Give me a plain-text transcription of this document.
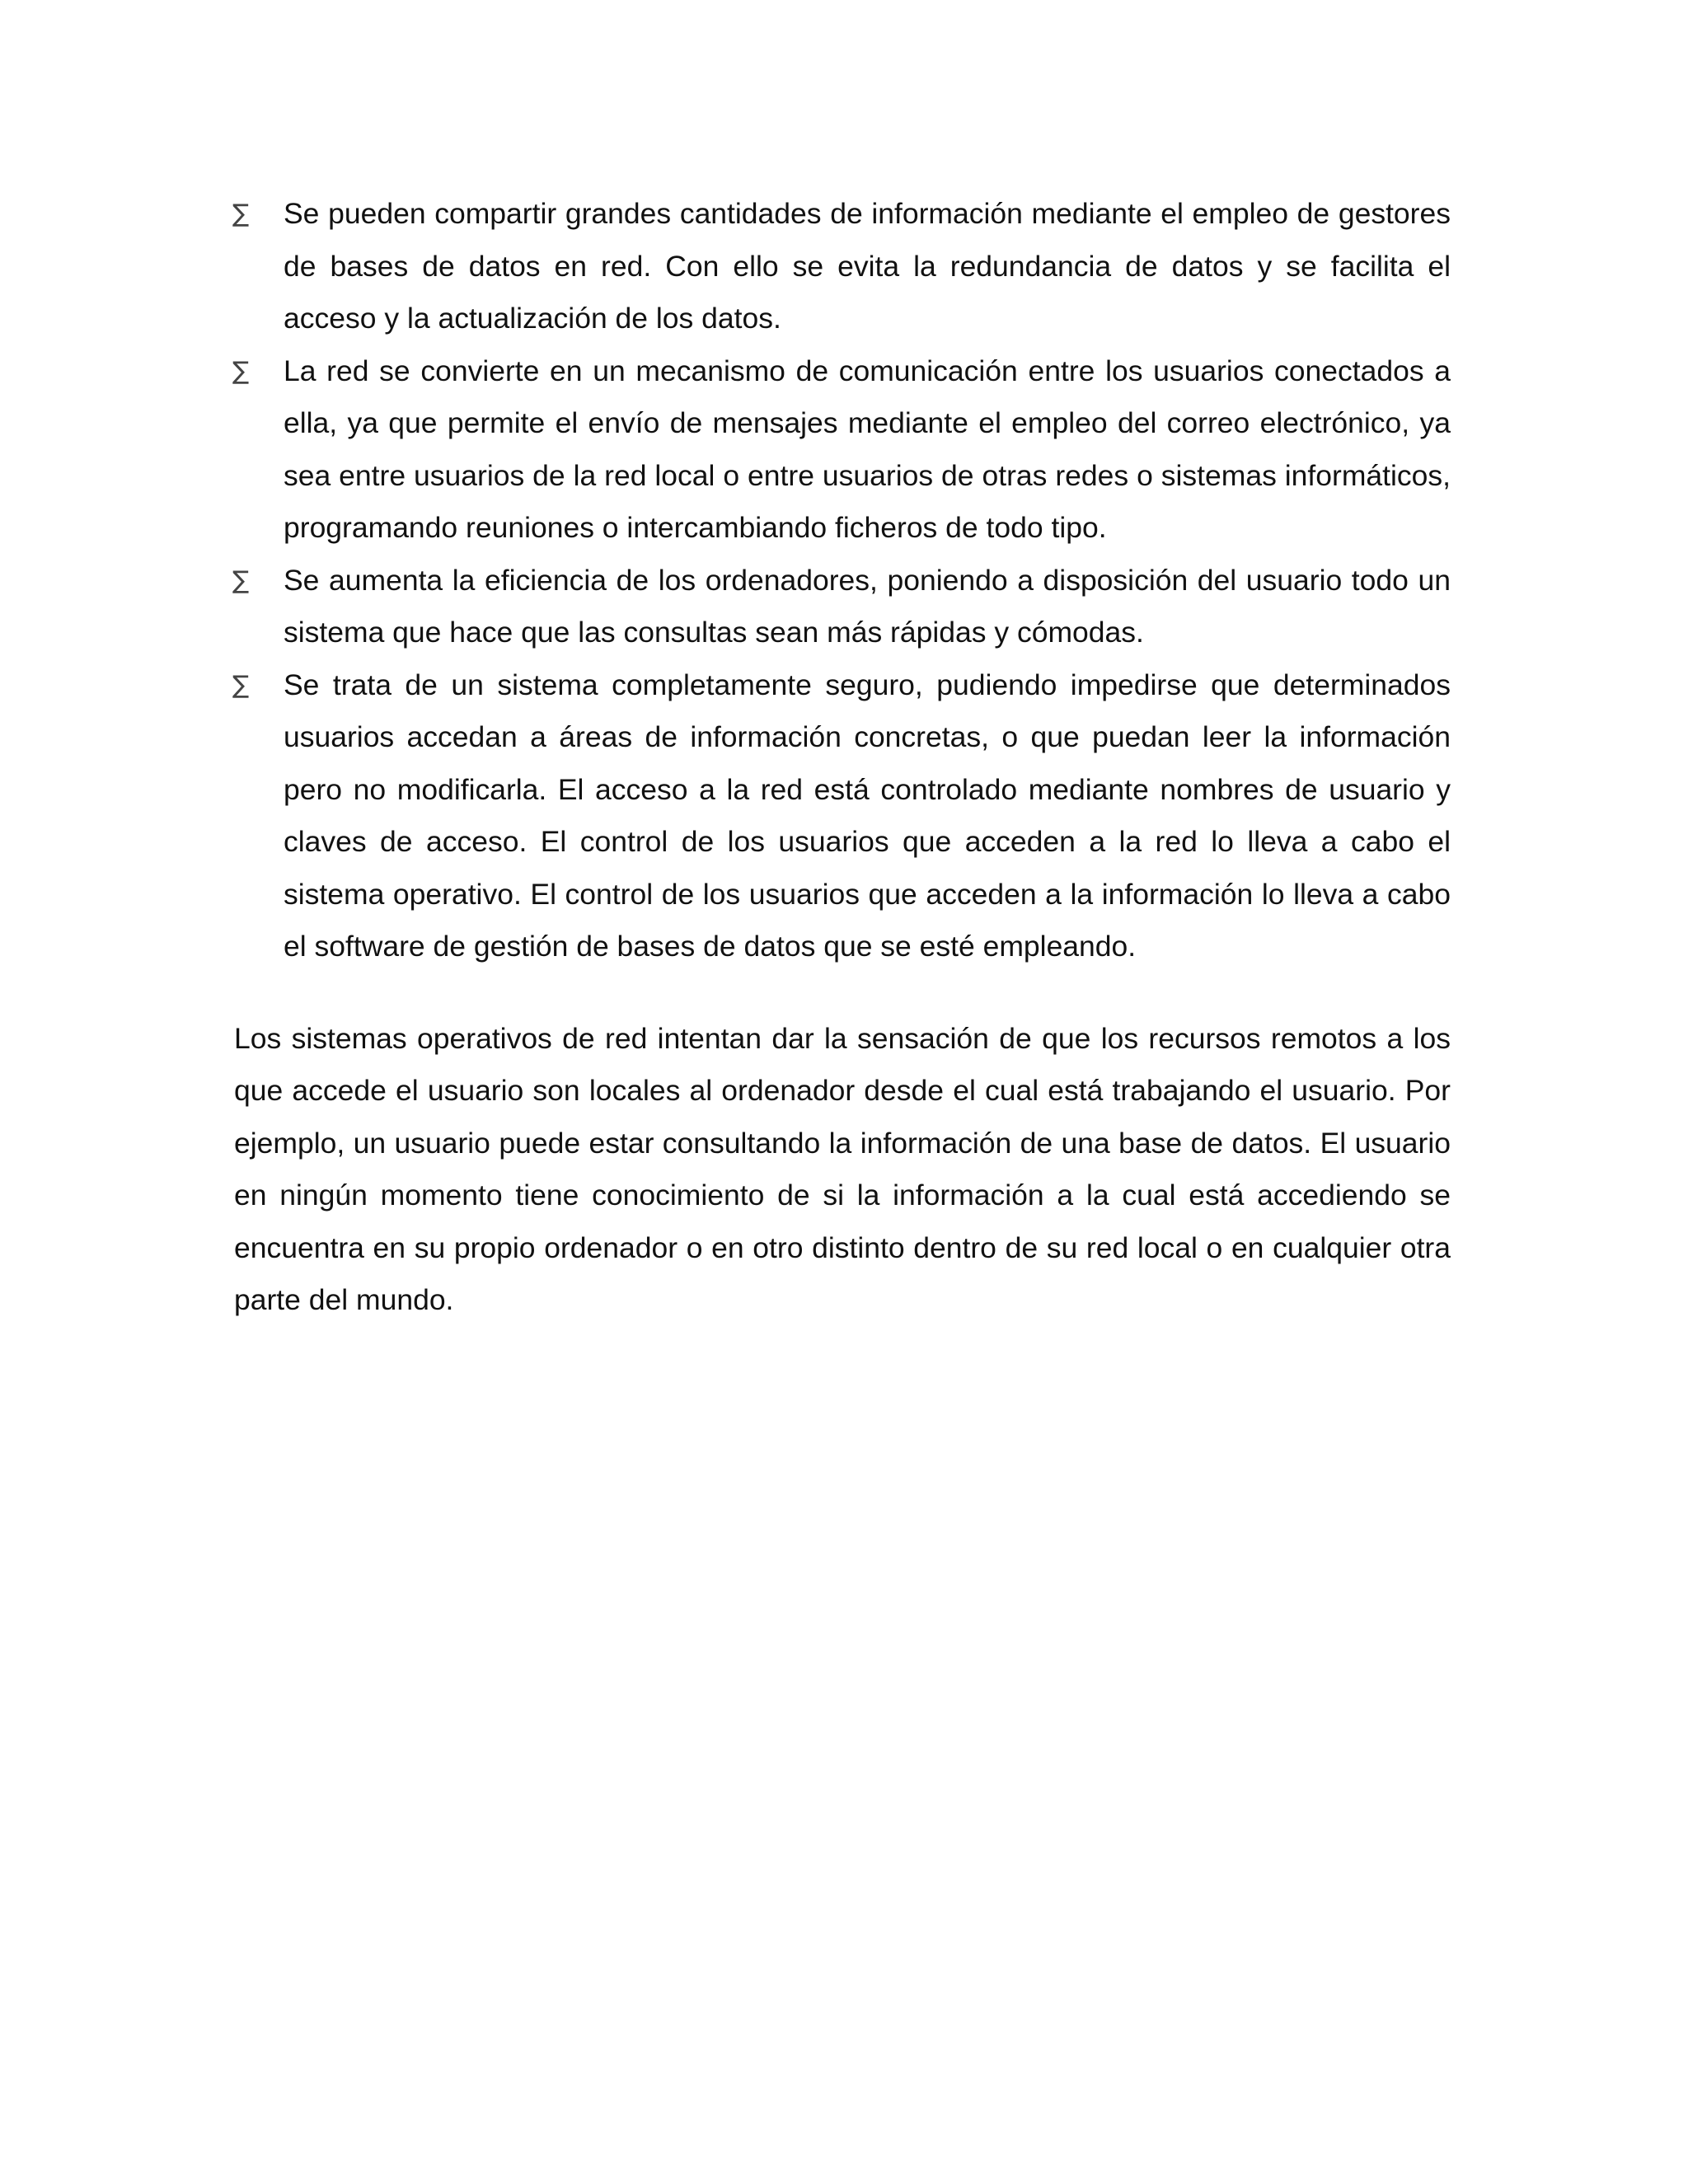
∑	Se pueden compartir grandes cantidades de información mediante el empleo de gestores de bases de datos en red. Con ello se evita la redundancia de datos y se facilita el acceso y la actualización de los datos.
∑	La red se convierte en un mecanismo de comunicación entre los usuarios conectados a ella, ya que permite el envío de mensajes mediante el empleo del correo electrónico, ya sea entre usuarios de la red local o entre usuarios de otras redes o sistemas informáticos, programando reuniones o intercambiando ficheros de todo tipo.
∑	Se aumenta la eficiencia de los ordenadores, poniendo a disposición del usuario todo un sistema que hace que las consultas sean más rápidas y cómodas.
∑	Se trata de un sistema completamente seguro, pudiendo impedirse que determinados usuarios accedan a áreas de información concretas, o que puedan leer la información pero no modificarla. El acceso a la red está controlado mediante nombres de usuario y claves de acceso. El control de los usuarios que acceden a la red lo lleva a cabo el sistema operativo. El control de los usuarios que acceden a la información lo lleva a cabo el software de gestión de bases de datos que se esté empleando.

Los sistemas operativos de red intentan dar la sensación de que los recursos remotos a los que accede el usuario son locales al ordenador desde el cual está trabajando el usuario. Por ejemplo, un usuario puede estar consultando la información de una base de datos. El usuario en ningún momento tiene conocimiento de si la información a la cual está accediendo se encuentra en su propio ordenador o en otro distinto dentro de su red local o en cualquier otra parte del mundo.
